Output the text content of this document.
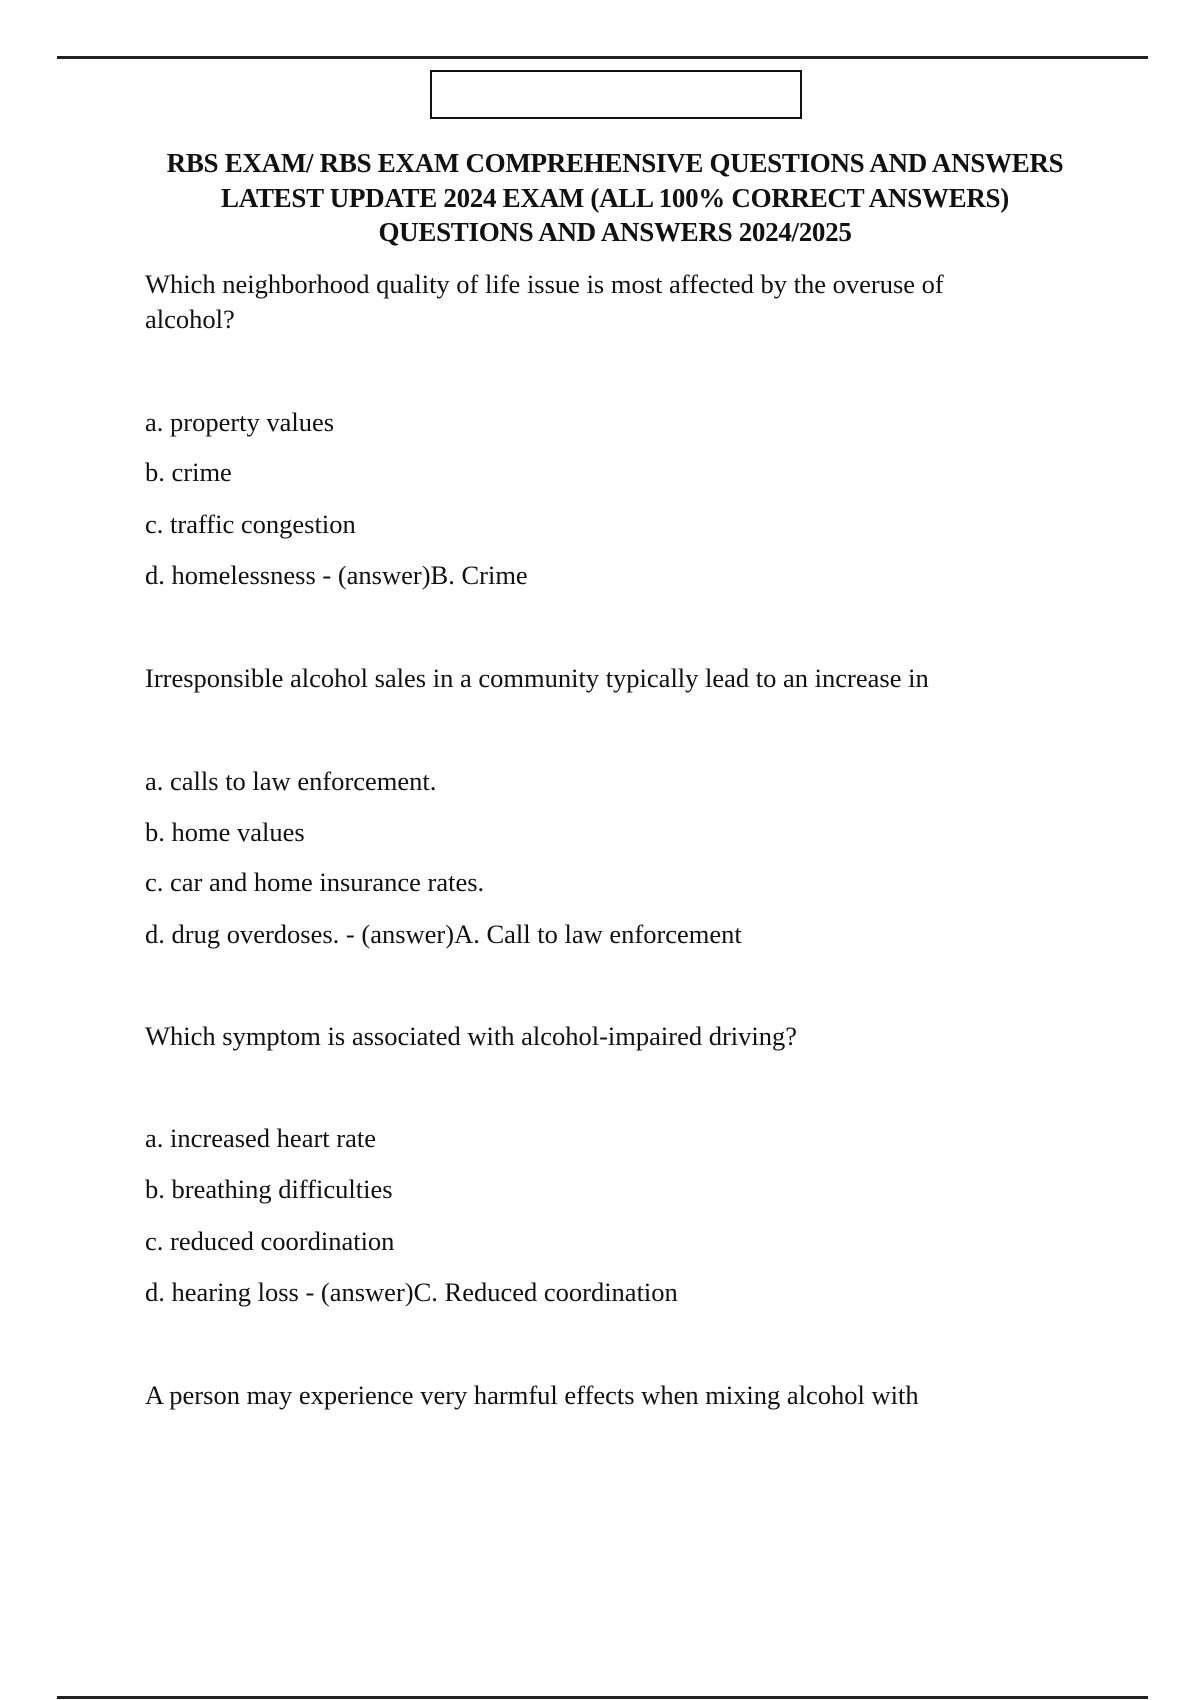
RBS EXAM/ RBS EXAM COMPREHENSIVE QUESTIONS AND ANSWERS LATEST UPDATE 2024 EXAM (ALL 100% CORRECT ANSWERS) QUESTIONS AND ANSWERS 2024/2025
Which neighborhood quality of life issue is most affected by the overuse of
alcohol?
a. property values
b. crime
c. traffic congestion
d. homelessness - (answer)B. Crime
Irresponsible alcohol sales in a community typically lead to an increase in
a. calls to law enforcement.
b. home values
c. car and home insurance rates.
d. drug overdoses. - (answer)A. Call to law enforcement
Which symptom is associated with alcohol-impaired driving?
a. increased heart rate
b. breathing difficulties
c. reduced coordination
d. hearing loss - (answer)C. Reduced coordination
A person may experience very harmful effects when mixing alcohol with
